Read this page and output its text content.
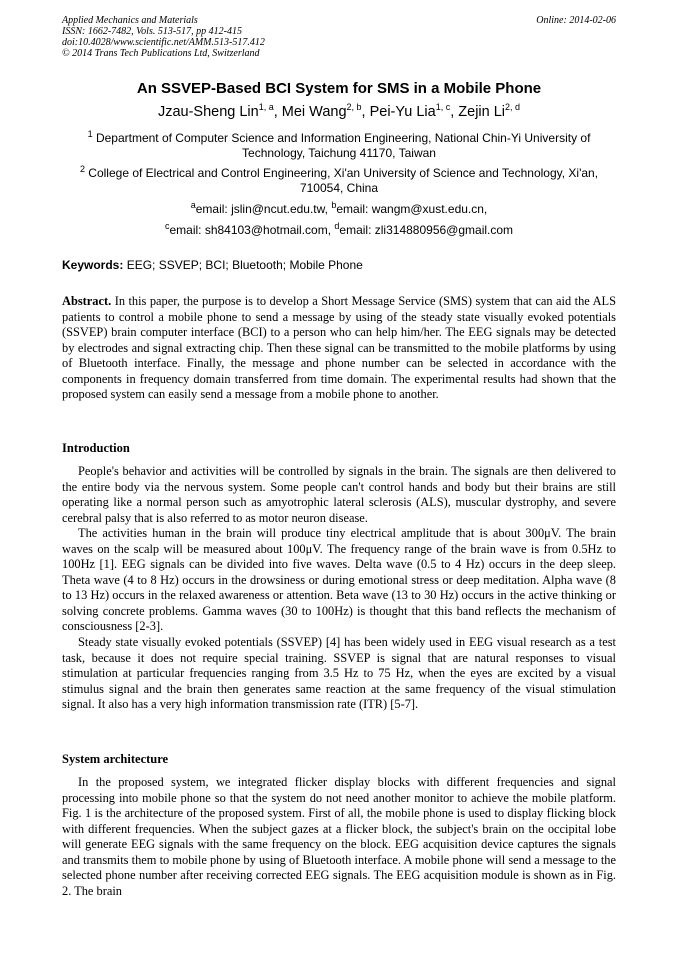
Applied Mechanics and Materials
ISSN: 1662-7482, Vols. 513-517, pp 412-415
doi:10.4028/www.scientific.net/AMM.513-517.412
© 2014 Trans Tech Publications Ltd, Switzerland
Online: 2014-02-06
An SSVEP-Based BCI System for SMS in a Mobile Phone
Jzau-Sheng Lin$^{1, a}$, Mei Wang$^{2, b}$, Pei-Yu Lia$^{1, c}$, Zejin Li$^{2, d}$
$^1$ Department of Computer Science and Information Engineering, National Chin-Yi University of Technology, Taichung 41170, Taiwan
$^2$ College of Electrical and Control Engineering, Xi'an University of Science and Technology, Xi'an, 710054, China
$^a$email: jslin@ncut.edu.tw, $^b$email: wangm@xust.edu.cn,
$^c$email: sh84103@hotmail.com, $^d$email: zli314880956@gmail.com
Keywords: EEG; SSVEP; BCI; Bluetooth; Mobile Phone
Abstract. In this paper, the purpose is to develop a Short Message Service (SMS) system that can aid the ALS patients to control a mobile phone to send a message by using of the steady state visually evoked potentials (SSVEP) brain computer interface (BCI) to a person who can help him/her. The EEG signals may be detected by electrodes and signal extracting chip. Then these signal can be transmitted to the mobile platforms by using of Bluetooth interface. Finally, the message and phone number can be selected in accordance with the components in frequency domain transferred from time domain. The experimental results had shown that the proposed system can easily send a message from a mobile phone to another.
Introduction
People's behavior and activities will be controlled by signals in the brain. The signals are then delivered to the entire body via the nervous system. Some people can't control hands and body but their brains are still operating like a normal person such as amyotrophic lateral sclerosis (ALS), muscular dystrophy, and severe cerebral palsy that is also referred to as motor neuron disease.
The activities human in the brain will produce tiny electrical amplitude that is about 300μV. The brain waves on the scalp will be measured about 100μV. The frequency range of the brain wave is from 0.5Hz to 100Hz [1]. EEG signals can be divided into five waves. Delta wave (0.5 to 4 Hz) occurs in the deep sleep. Theta wave (4 to 8 Hz) occurs in the drowsiness or during emotional stress or deep meditation. Alpha wave (8 to 13 Hz) occurs in the relaxed awareness or attention. Beta wave (13 to 30 Hz) occurs in the active thinking or solving concrete problems. Gamma waves (30 to 100Hz) is thought that this band reflects the mechanism of consciousness [2-3].
Steady state visually evoked potentials (SSVEP) [4] has been widely used in EEG visual research as a test task, because it does not require special training. SSVEP is signal that are natural responses to visual stimulation at particular frequencies ranging from 3.5 Hz to 75 Hz, when the eyes are excited by a visual stimulus signal and the brain then generates same reaction at the same frequency of the visual stimulation signal. It also has a very high information transmission rate (ITR) [5-7].
System architecture
In the proposed system, we integrated flicker display blocks with different frequencies and signal processing into mobile phone so that the system do not need another monitor to achieve the mobile platform. Fig. 1 is the architecture of the proposed system. First of all, the mobile phone is used to display flicking block with different frequencies. When the subject gazes at a flicker block, the subject's brain on the occipital lobe will generate EEG signals with the same frequency on the block. EEG acquisition device captures the signals and transmits them to mobile phone by using of Bluetooth interface. A mobile phone will send a message to the selected phone number after receiving corrected EEG signals. The EEG acquisition module is shown as in Fig. 2. The brain
